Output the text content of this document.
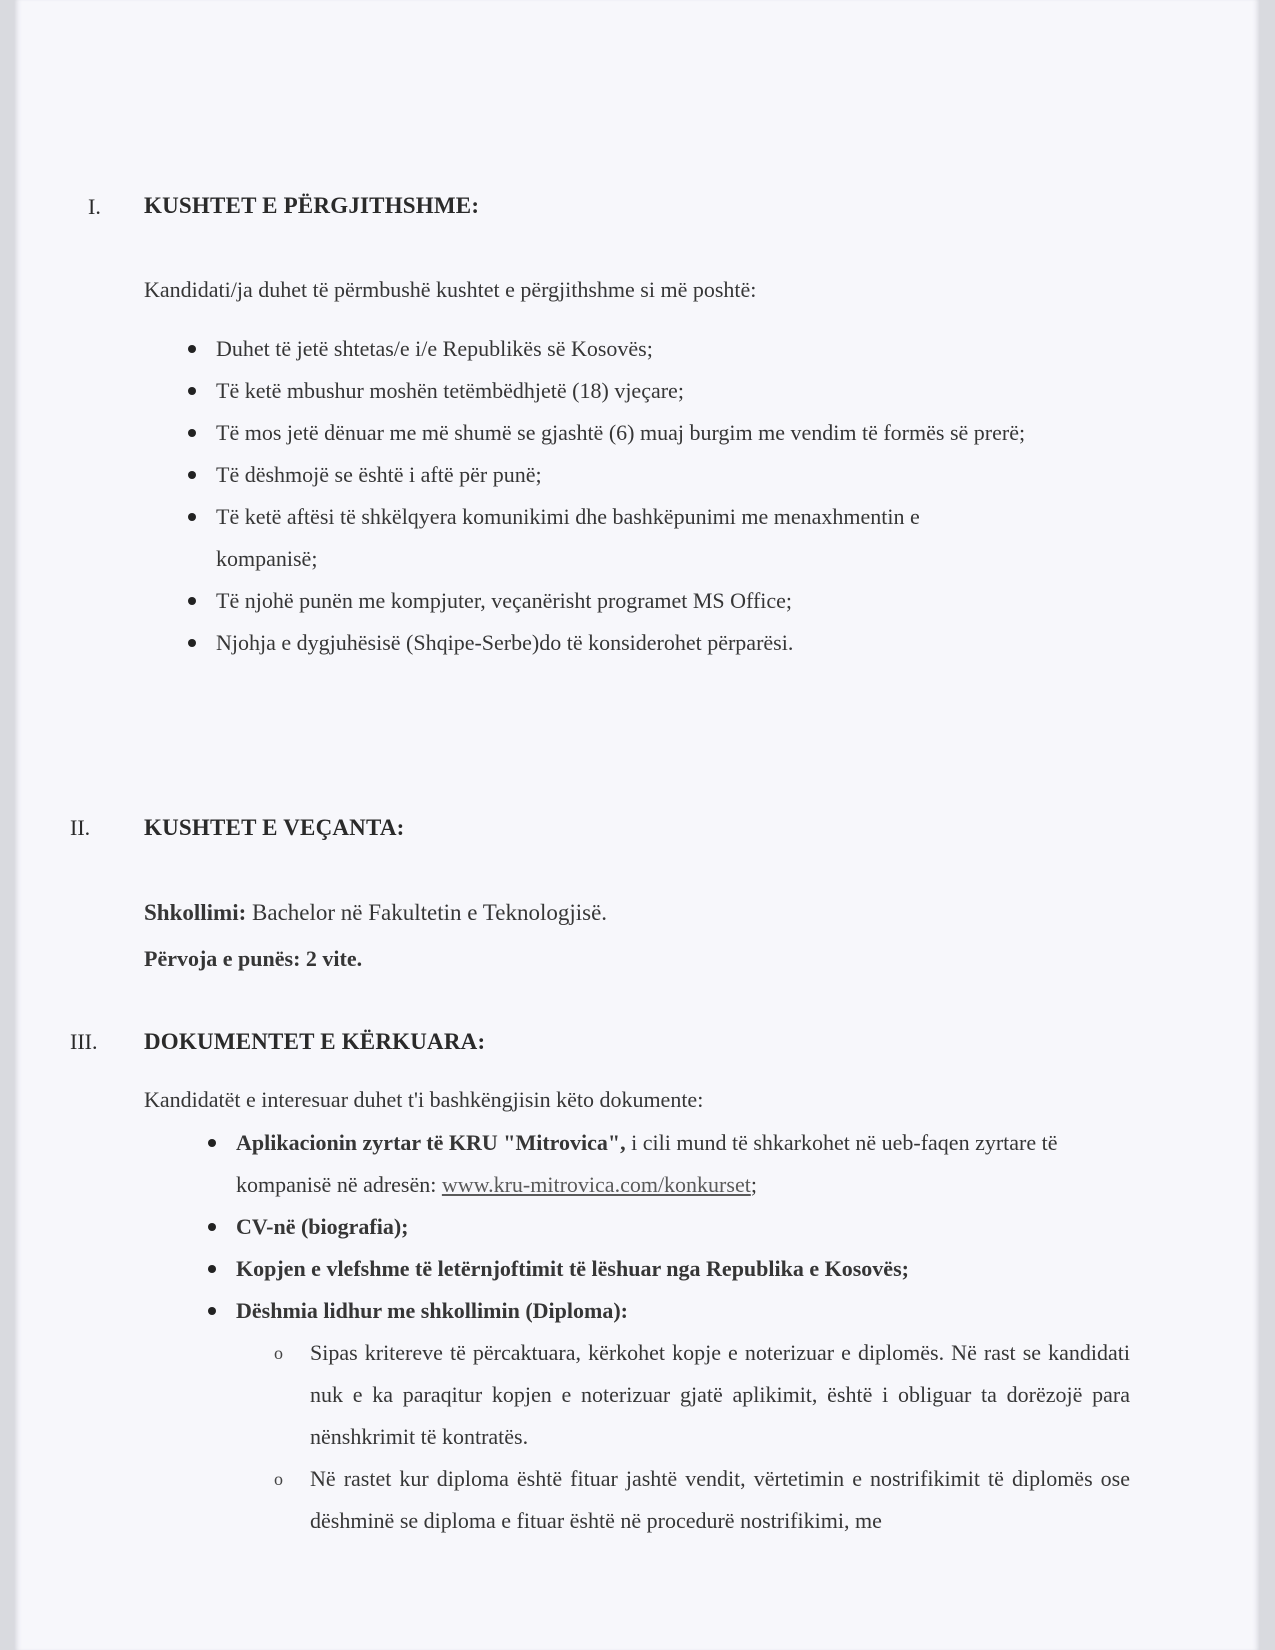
I. KUSHTET E PËRGJITHSHME:
Kandidati/ja duhet të përmbushë kushtet e përgjithshme si më poshtë:
Duhet të jetë shtetas/e i/e Republikës së Kosovës;
Të ketë mbushur moshën tetëmbëdhjetë (18) vjeçare;
Të mos jetë dënuar me më shumë se gjashtë (6) muaj burgim me vendim të formës së prerë;
Të dëshmojë se është i aftë për punë;
Të ketë aftësi të shkëlqyera komunikimi dhe bashkëpunimi me menaxhmentin e kompanisë;
Të njohë punën me kompjuter, veçanërisht programet MS Office;
Njohja e dygjuhësisë (Shqipe-Serbe)do të konsiderohet përparësi.
II. KUSHTET E VEÇANTA:
Shkollimi: Bachelor në Fakultetin e Teknologjisë.
Përvoja e punës: 2 vite.
III. DOKUMENTET E KËRKUARA:
Kandidatët e interesuar duhet t'i bashkëngjisin këto dokumente:
Aplikacionin zyrtar të KRU "Mitrovica", i cili mund të shkarkohet në ueb-faqen zyrtare të kompanisë në adresën: www.kru-mitrovica.com/konkurset;
CV-në (biografia);
Kopjen e vlefshme të letërnjoftimit të lëshuar nga Republika e Kosovës;
Dëshmia lidhur me shkollimin (Diploma):
o Sipas kritereve të përcaktuara, kërkohet kopje e noterizuar e diplomës. Në rast se kandidati nuk e ka paraqitur kopjen e noterizuar gjatë aplikimit, është i obliguar ta dorëzojë para nënshkrimit të kontratës.
o Në rastet kur diploma është fituar jashtë vendit, vërtetimin e nostrifikimit të diplomës ose dëshminë se diploma e fituar është në procedurë nostrifikimi, me
